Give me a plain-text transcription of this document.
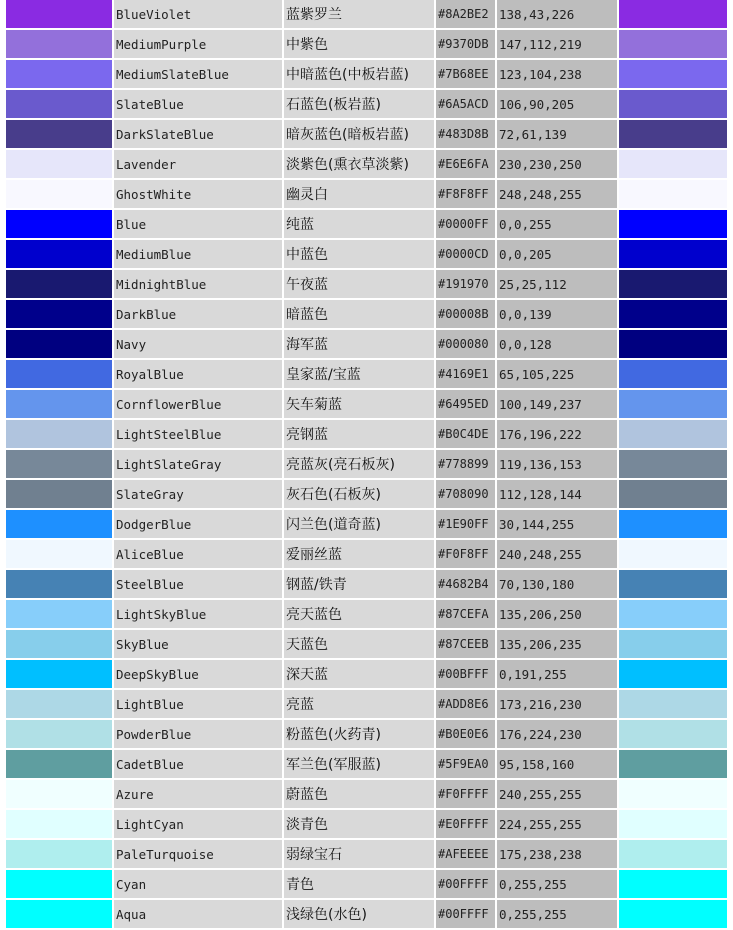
	BlueViolet	蓝紫罗兰	#8A2BE2	138,43,226	
	MediumPurple	中紫色	#9370DB	147,112,219	
	MediumSlateBlue	中暗蓝色(中板岩蓝)	#7B68EE	123,104,238	
	SlateBlue	石蓝色(板岩蓝)	#6A5ACD	106,90,205	
	DarkSlateBlue	暗灰蓝色(暗板岩蓝)	#483D8B	72,61,139	
	Lavender	淡紫色(熏衣草淡紫)	#E6E6FA	230,230,250	
	GhostWhite	幽灵白	#F8F8FF	248,248,255	
	Blue	纯蓝	#0000FF	0,0,255	
	MediumBlue	中蓝色	#0000CD	0,0,205	
	MidnightBlue	午夜蓝	#191970	25,25,112	
	DarkBlue	暗蓝色	#00008B	0,0,139	
	Navy	海军蓝	#000080	0,0,128	
	RoyalBlue	皇家蓝/宝蓝	#4169E1	65,105,225	
	CornflowerBlue	矢车菊蓝	#6495ED	100,149,237	
	LightSteelBlue	亮钢蓝	#B0C4DE	176,196,222	
	LightSlateGray	亮蓝灰(亮石板灰)	#778899	119,136,153	
	SlateGray	灰石色(石板灰)	#708090	112,128,144	
	DodgerBlue	闪兰色(道奇蓝)	#1E90FF	30,144,255	
	AliceBlue	爱丽丝蓝	#F0F8FF	240,248,255	
	SteelBlue	钢蓝/铁青	#4682B4	70,130,180	
	LightSkyBlue	亮天蓝色	#87CEFA	135,206,250	
	SkyBlue	天蓝色	#87CEEB	135,206,235	
	DeepSkyBlue	深天蓝	#00BFFF	0,191,255	
	LightBlue	亮蓝	#ADD8E6	173,216,230	
	PowderBlue	粉蓝色(火药青)	#B0E0E6	176,224,230	
	CadetBlue	军兰色(军服蓝)	#5F9EA0	95,158,160	
	Azure	蔚蓝色	#F0FFFF	240,255,255	
	LightCyan	淡青色	#E0FFFF	224,255,255	
	PaleTurquoise	弱绿宝石	#AFEEEE	175,238,238	
	Cyan	青色	#00FFFF	0,255,255	
	Aqua	浅绿色(水色)	#00FFFF	0,255,255	
